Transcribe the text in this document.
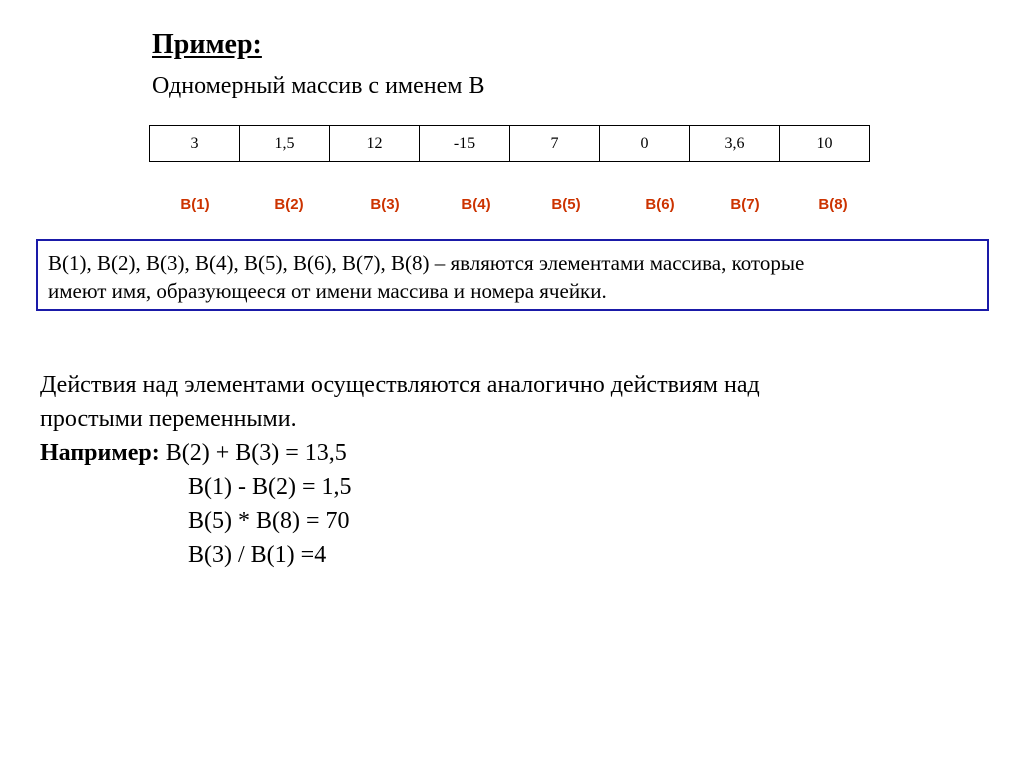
Пример:
Одномерный массив с именем В
3	1,5	12	-15	7	0	3,6	10
B(1)	B(2)	B(3)	B(4)	B(5)	B(6)	B(7)	B(8)
B(1), B(2), B(3), B(4), B(5), B(6), B(7), B(8) – являются элементами массива, которые
имеют имя, образующееся от имени массива и номера ячейки.
Действия над элементами осуществляются аналогично действиям над
простыми переменными.
Например: B(2) + B(3) = 13,5
B(1) - B(2) = 1,5
B(5) * B(8) = 70
B(3) / B(1) =4
